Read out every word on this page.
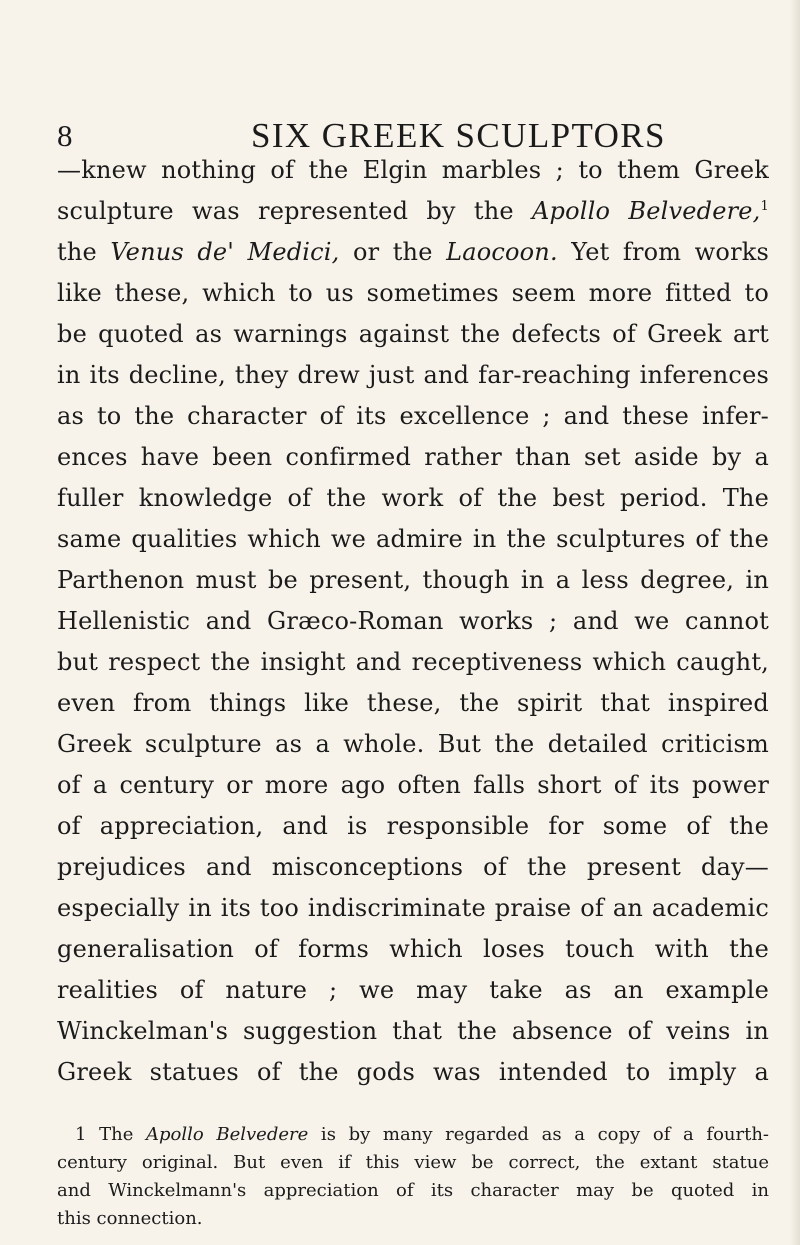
8	SIX GREEK SCULPTORS
—knew nothing of the Elgin marbles ; to them Greek
sculpture was represented by the Apollo Belvedere,$^1$
the Venus de' Medici, or the Laocoon. Yet from works
like these, which to us sometimes seem more fitted to
be quoted as warnings against the defects of Greek art
in its decline, they drew just and far-reaching inferences
as to the character of its excellence ; and these infer-
ences have been confirmed rather than set aside by a
fuller knowledge of the work of the best period. The
same qualities which we admire in the sculptures of the
Parthenon must be present, though in a less degree, in
Hellenistic and Græco-Roman works ; and we cannot
but respect the insight and receptiveness which caught,
even from things like these, the spirit that inspired
Greek sculpture as a whole. But the detailed criticism
of a century or more ago often falls short of its power
of appreciation, and is responsible for some of the
prejudices and misconceptions of the present day—
especially in its too indiscriminate praise of an academic
generalisation of forms which loses touch with the
realities of nature ; we may take as an example
Winckelman's suggestion that the absence of veins in
Greek statues of the gods was intended to imply a
1 The Apollo Belvedere is by many regarded as a copy of a fourth-
century original. But even if this view be correct, the extant statue
and Winckelmann's appreciation of its character may be quoted in
this connection.
